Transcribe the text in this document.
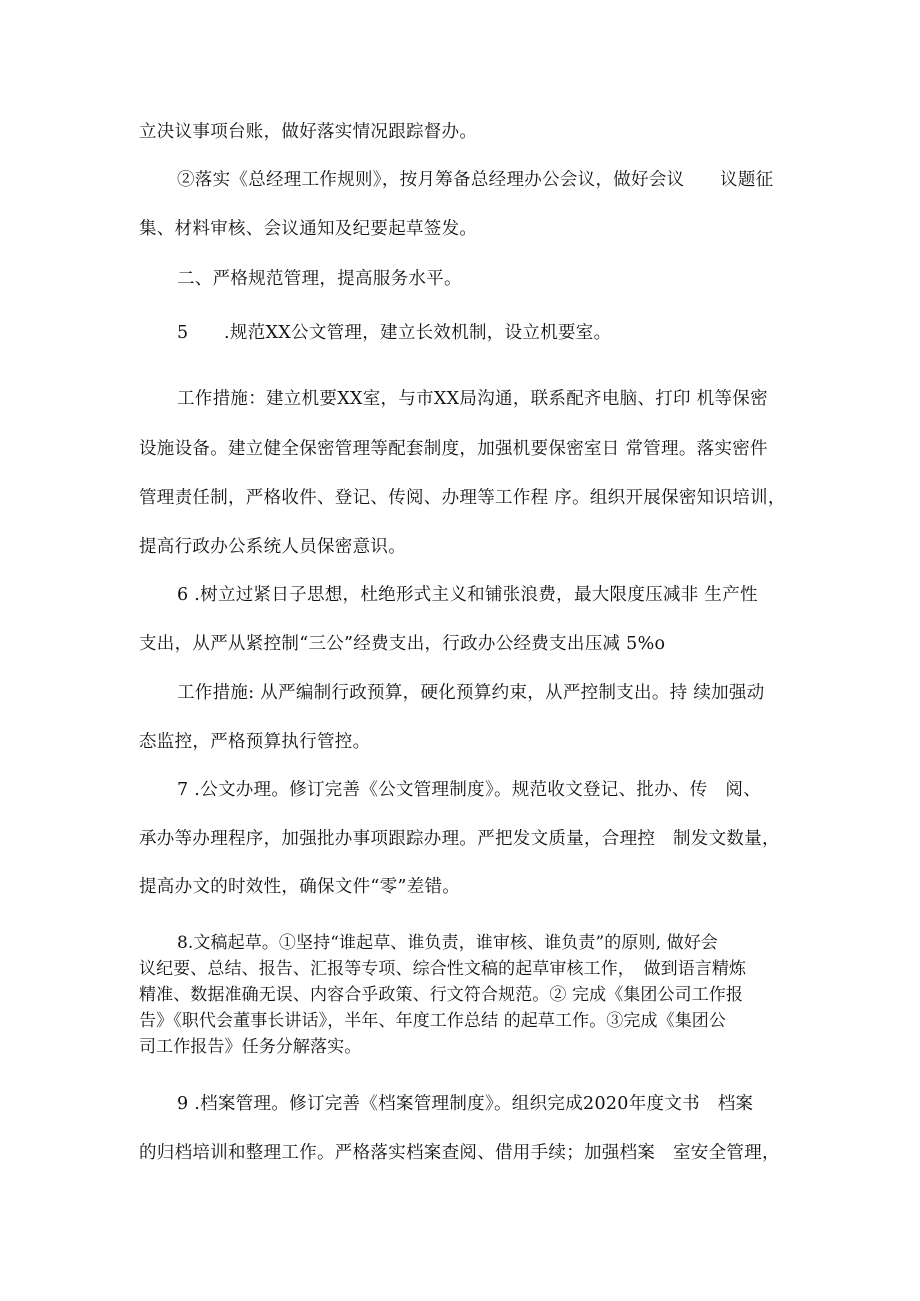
立决议事项台账，做好落实情况跟踪督办。
②落实《总经理工作规则》，按月筹备总经理办公会议，做好会议　　议题征
集、材料审核、会议通知及纪要起草签发。
二、严格规范管理，提高服务水平。
5　　.规范XX公文管理，建立长效机制，设立机要室。
工作措施：建立机要XX室，与市XX局沟通，联系配齐电脑、打印 机等保密
设施设备。建立健全保密管理等配套制度，加强机要保密室日 常管理。落实密件
管理责任制，严格收件、登记、传阅、办理等工作程 序。组织开展保密知识培训，
提高行政办公系统人员保密意识。
6 .树立过紧日子思想，杜绝形式主义和铺张浪费，最大限度压减非 生产性
支出，从严从紧控制“三公”经费支出，行政办公经费支出压减 5%o
工作措施: 从严编制行政预算，硬化预算约束，从严控制支出。持 续加强动
态监控，严格预算执行管控。
7 .公文办理。修订完善《公文管理制度》。规范收文登记、批办、传　阅、
承办等办理程序，加强批办事项跟踪办理。严把发文质量，合理控　制发文数量，
提高办文的时效性，确保文件“零”差错。
8.文稿起草。①坚持“谁起草、谁负责，谁审核、谁负责”的原则, 做好会
议纪要、总结、报告、汇报等专项、综合性文稿的起草审核工作，　做到语言精炼
精准、数据准确无误、内容合乎政策、行文符合规范。② 完成《集团公司工作报
告》《职代会董事长讲话》，半年、年度工作总结 的起草工作。③完成《集团公
司工作报告》任务分解落实。
9 .档案管理。修订完善《档案管理制度》。组织完成2020年度文书　档案
的归档培训和整理工作。严格落实档案查阅、借用手续；加强档案　室安全管理，
